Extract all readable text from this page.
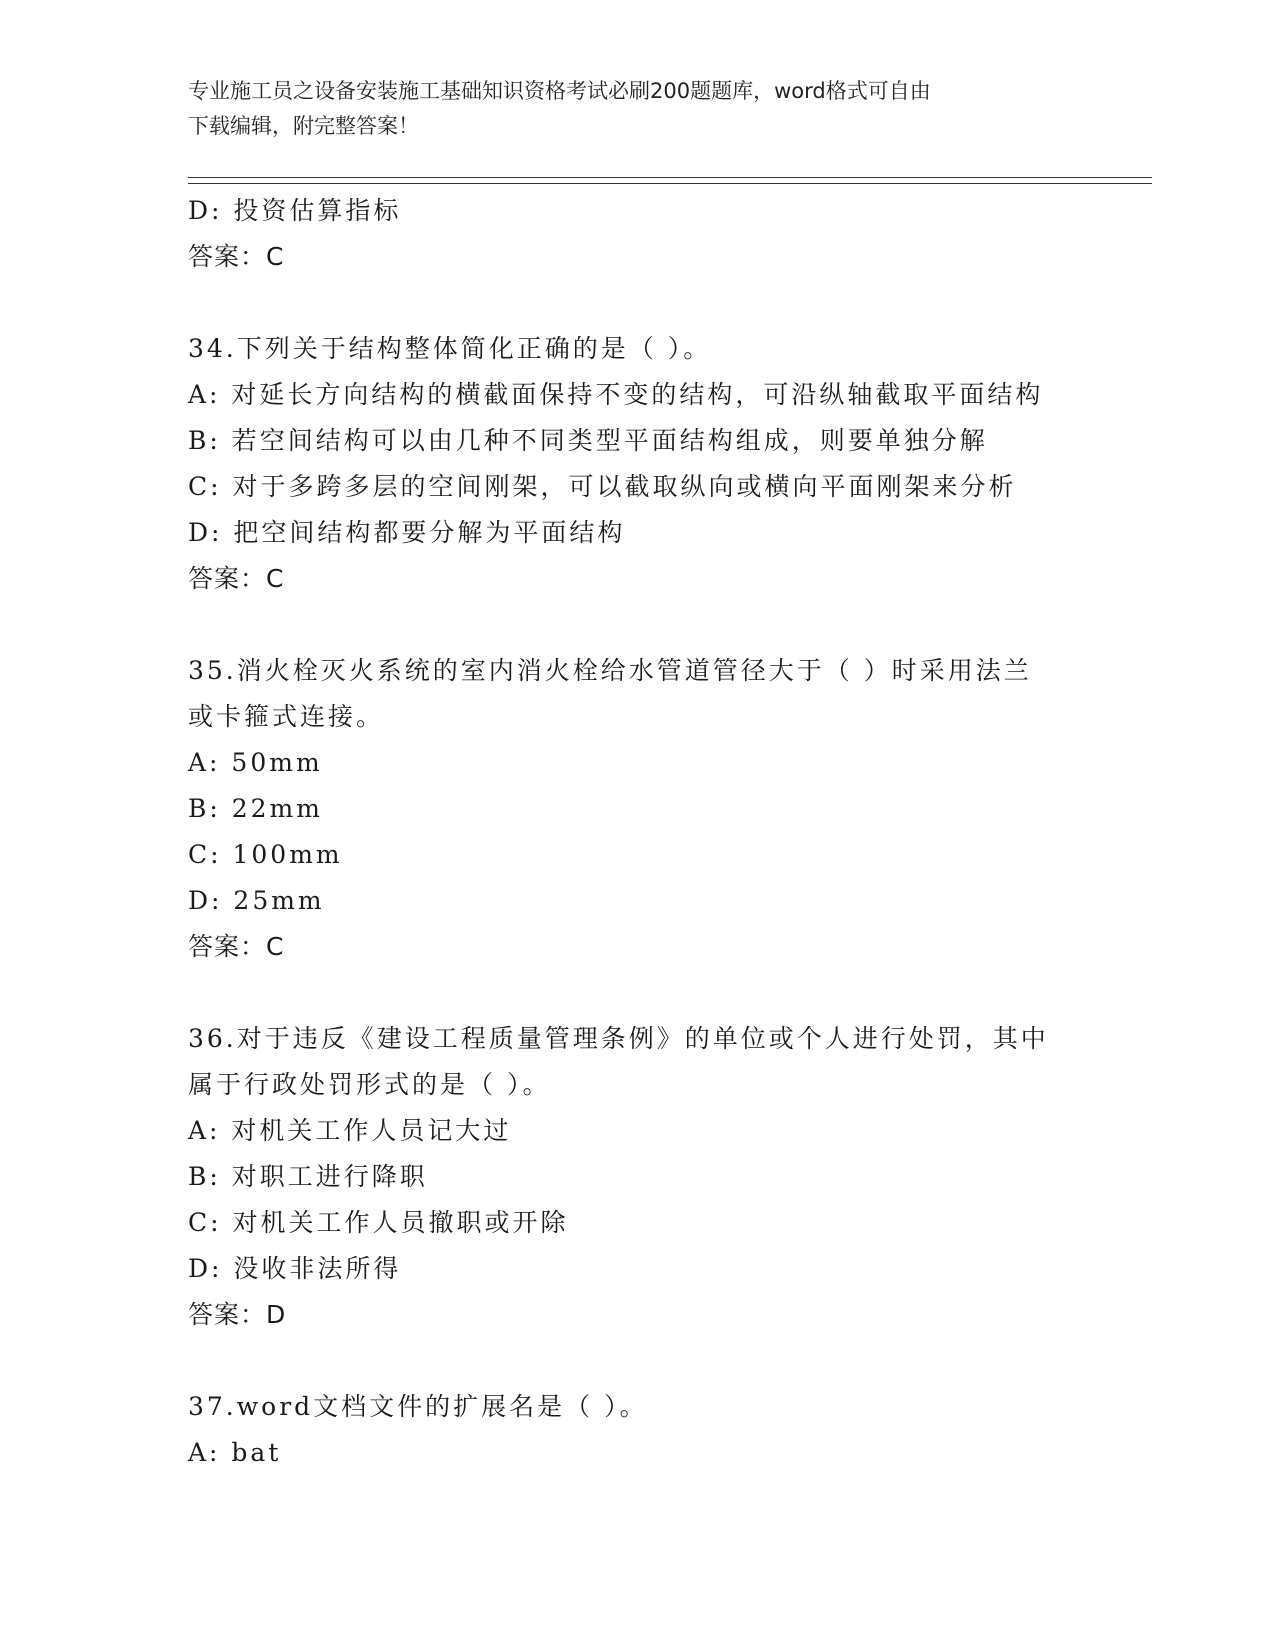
专业施工员之设备安装施工基础知识资格考试必刷200题题库，word格式可自由
下载编辑，附完整答案！
D: 投资估算指标
答案：C
34.下列关于结构整体简化正确的是（ ）。
A: 对延长方向结构的横截面保持不变的结构，可沿纵轴截取平面结构
B: 若空间结构可以由几种不同类型平面结构组成，则要单独分解
C: 对于多跨多层的空间刚架，可以截取纵向或横向平面刚架来分析
D: 把空间结构都要分解为平面结构
答案：C
35.消火栓灭火系统的室内消火栓给水管道管径大于（ ）时采用法兰
或卡箍式连接。
A: 50mm
B: 22mm
C: 100mm
D: 25mm
答案：C
36.对于违反《建设工程质量管理条例》的单位或个人进行处罚，其中
属于行政处罚形式的是（ ）。
A: 对机关工作人员记大过
B: 对职工进行降职
C: 对机关工作人员撤职或开除
D: 没收非法所得
答案：D
37.word文档文件的扩展名是（ ）。
A: bat
